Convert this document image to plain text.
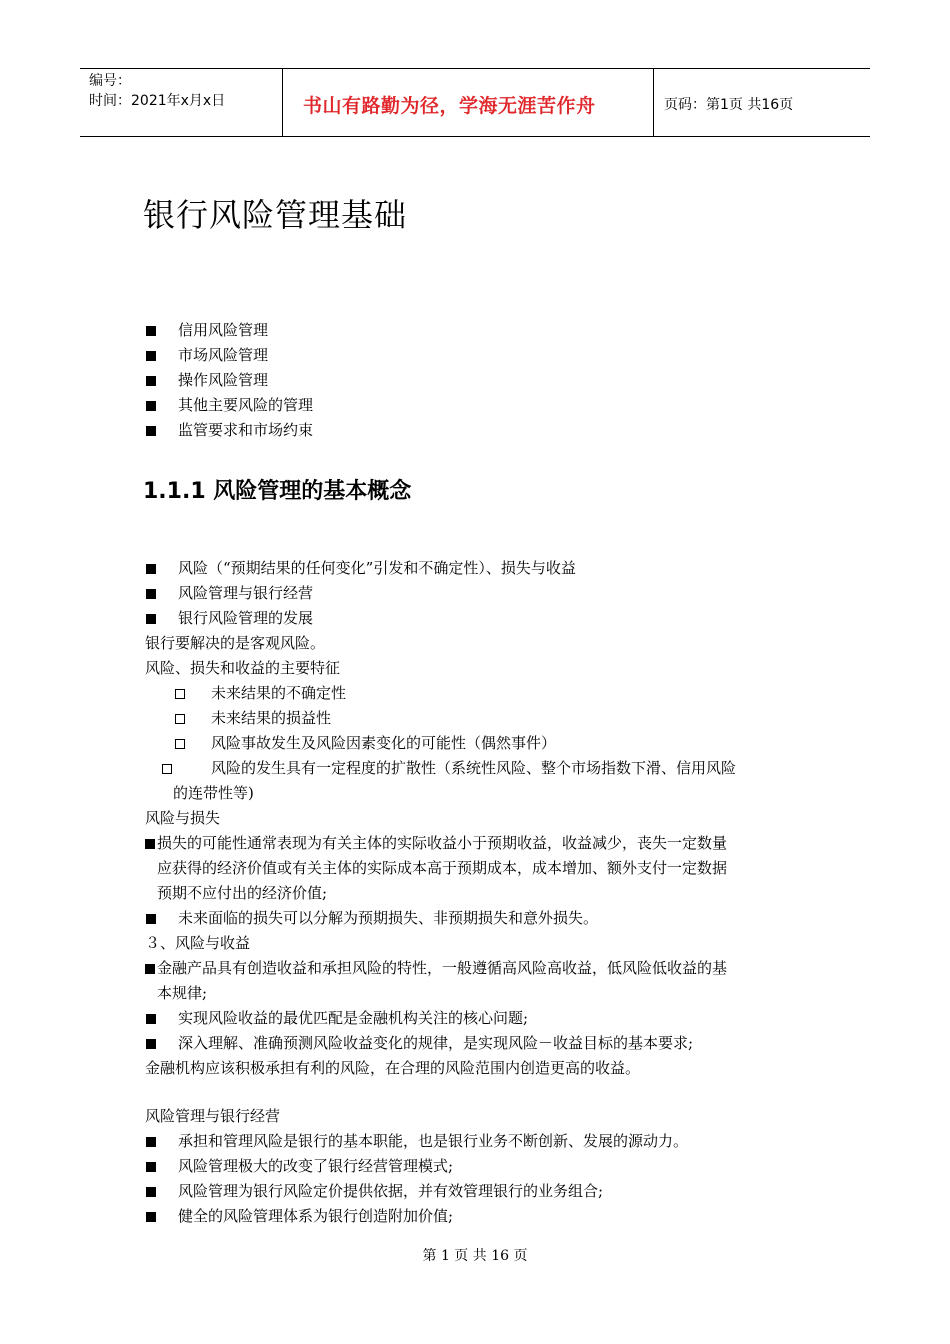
编号：
时间：2021年x月x日	书山有路勤为径，学海无涯苦作舟	页码：第1页 共16页
银行风险管理基础
信用风险管理
市场风险管理
操作风险管理
其他主要风险的管理
监管要求和市场约束
1.1.1 风险管理的基本概念
风险（“预期结果的任何变化”引发和不确定性）、损失与收益
风险管理与银行经营
银行风险管理的发展
银行要解决的是客观风险。
风险、损失和收益的主要特征
未来结果的不确定性
未来结果的损益性
风险事故发生及风险因素变化的可能性（偶然事件）
风险的发生具有一定程度的扩散性（系统性风险、整个市场指数下滑、信用风险
的连带性等)
风险与损失
损失的可能性通常表现为有关主体的实际收益小于预期收益，收益减少，丧失一定数量
应获得的经济价值或有关主体的实际成本高于预期成本，成本增加、额外支付一定数据
预期不应付出的经济价值;
未来面临的损失可以分解为预期损失、非预期损失和意外损失。
３、风险与收益
金融产品具有创造收益和承担风险的特性，一般遵循高风险高收益，低风险低收益的基
本规律;
实现风险收益的最优匹配是金融机构关注的核心问题;
深入理解、准确预测风险收益变化的规律，是实现风险－收益目标的基本要求;
金融机构应该积极承担有利的风险，在合理的风险范围内创造更高的收益。
风险管理与银行经营
承担和管理风险是银行的基本职能，也是银行业务不断创新、发展的源动力。
风险管理极大的改变了银行经营管理模式;
风险管理为银行风险定价提供依据，并有效管理银行的业务组合;
健全的风险管理体系为银行创造附加价值;
第 1 页 共 16 页
